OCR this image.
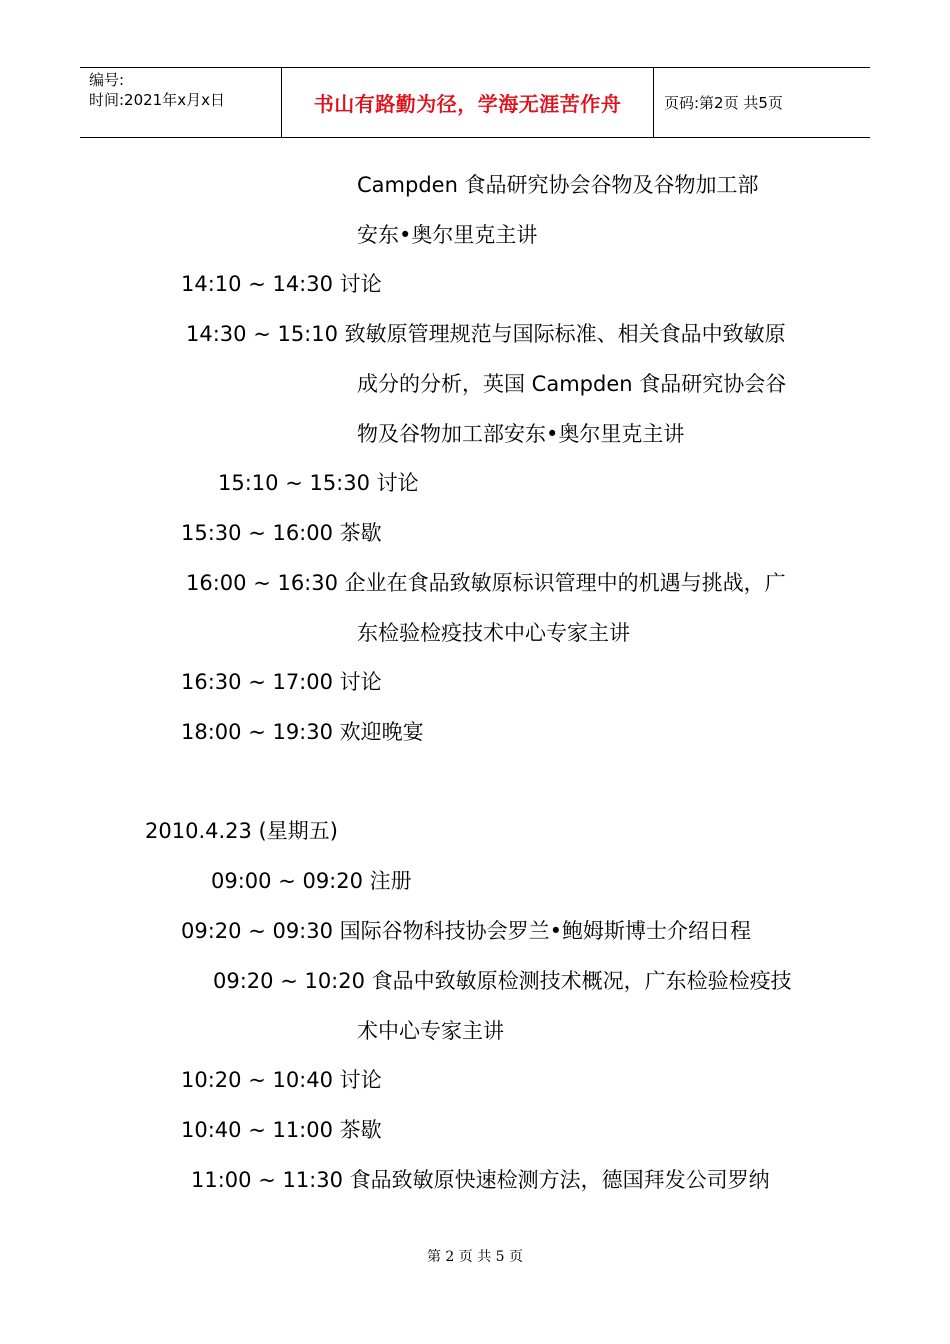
编号:
时间:2021年x月x日	书山有路勤为径，学海无涯苦作舟	页码:第2页 共5页
Campden 食品研究协会谷物及谷物加工部
安东•奥尔里克主讲
14:10 ~ 14:30 讨论
14:30 ~ 15:10 致敏原管理规范与国际标准、相关食品中致敏原
成分的分析，英国 Campden 食品研究协会谷
物及谷物加工部安东•奥尔里克主讲
15:10 ~ 15:30 讨论
15:30 ~ 16:00 茶歇
16:00 ~ 16:30 企业在食品致敏原标识管理中的机遇与挑战，广
东检验检疫技术中心专家主讲
16:30 ~ 17:00 讨论
18:00 ~ 19:30 欢迎晚宴
2010.4.23 (星期五)
09:00 ~ 09:20 注册
09:20 ~ 09:30 国际谷物科技协会罗兰•鲍姆斯博士介绍日程
09:20 ~ 10:20 食品中致敏原检测技术概况，广东检验检疫技
术中心专家主讲
10:20 ~ 10:40 讨论
10:40 ~ 11:00 茶歇
11:00 ~ 11:30 食品致敏原快速检测方法，德国拜发公司罗纳
第 2 页 共 5 页
